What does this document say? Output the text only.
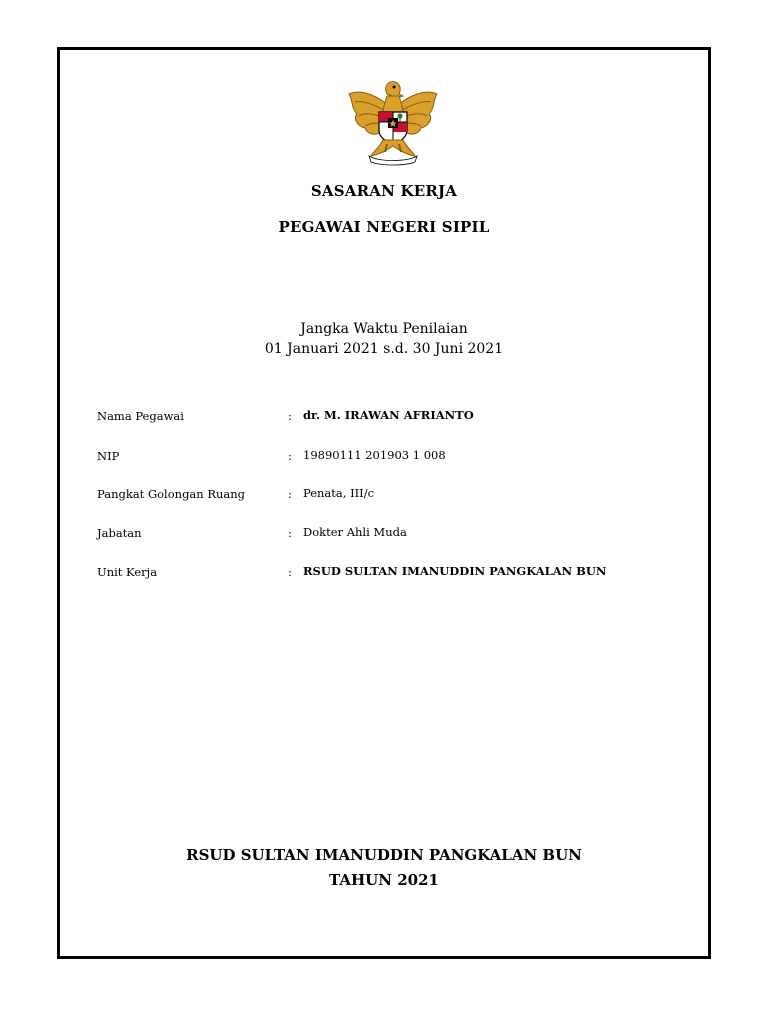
SASARAN KERJA
PEGAWAI NEGERI SIPIL
Jangka Waktu Penilaian
01 Januari 2021 s.d. 30 Juni 2021
Nama Pegawai	: dr. M. IRAWAN AFRIANTO
NIP	: 19890111 201903 1 008
Pangkat Golongan Ruang	: Penata, III/c
Jabatan	: Dokter Ahli Muda
Unit Kerja	: RSUD SULTAN IMANUDDIN PANGKALAN BUN
RSUD SULTAN IMANUDDIN PANGKALAN BUN
TAHUN 2021
